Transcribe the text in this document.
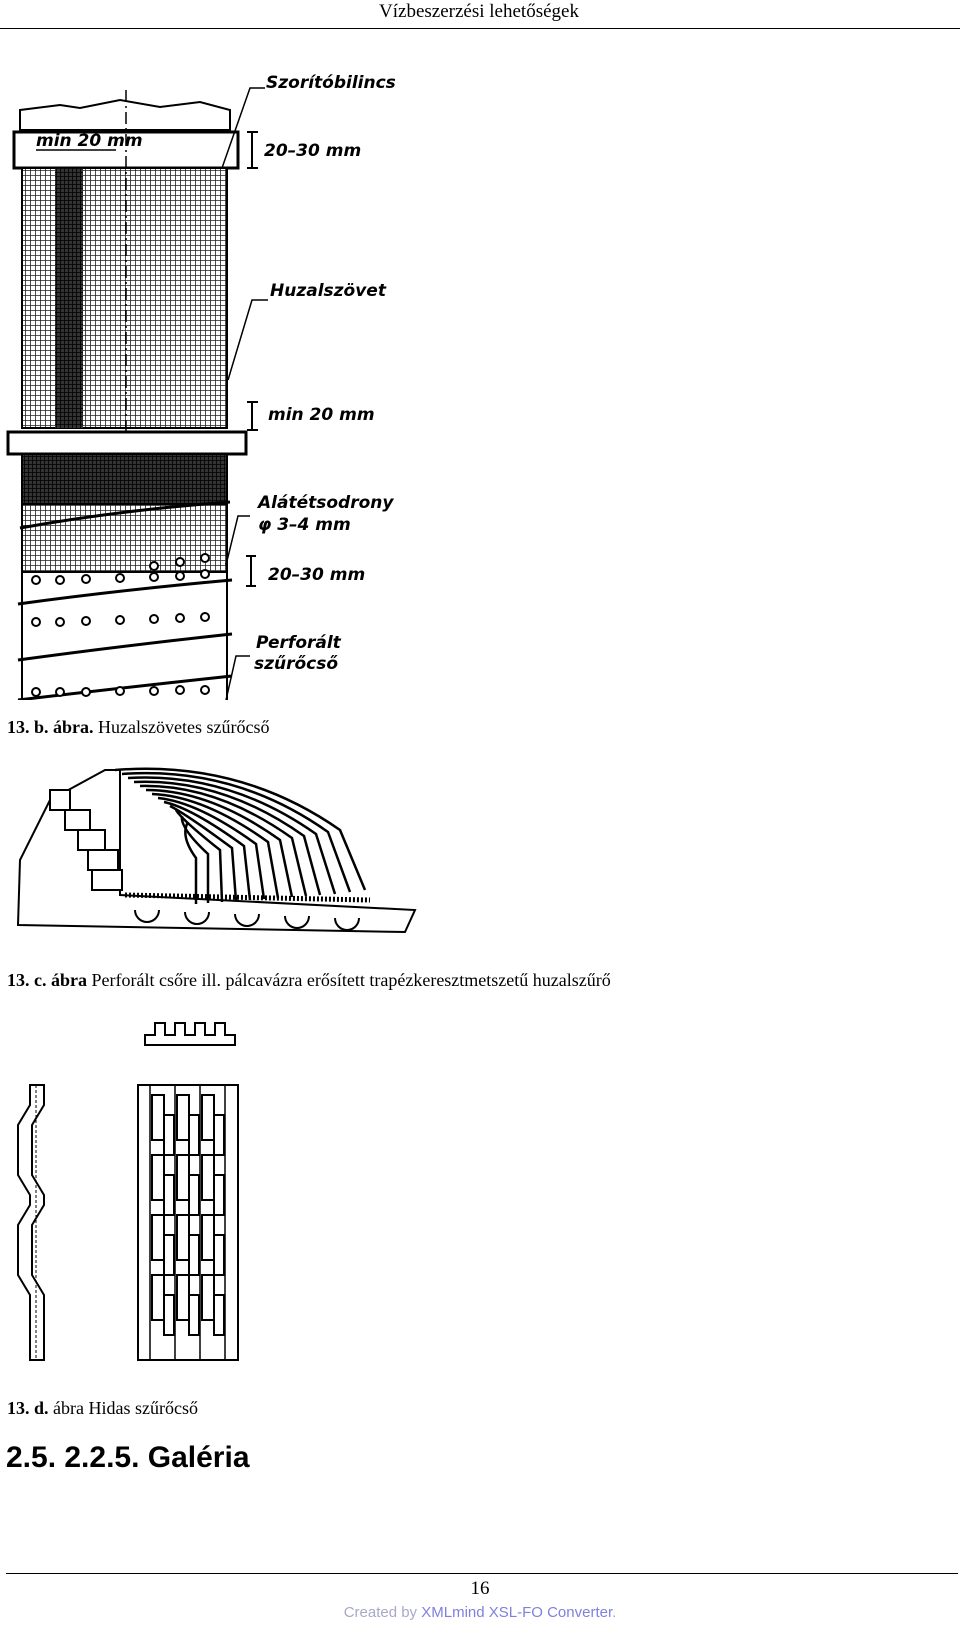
Vízbeszerzési lehetőségek
min 20 mm
Szorítóbilincs
20–30 mm
Huzalszövet
min 20 mm
Alátétsodrony
φ 3–4 mm
20–30 mm
Perforált
szűrőcső
13. b. ábra. Huzalszövetes szűrőcső
13. c. ábra Perforált csőre ill. pálcavázra erősített trapézkeresztmetszetű huzalszűrő
13. d. ábra Hidas szűrőcső
2.5. 2.2.5. Galéria
16
Created by XMLmind XSL-FO Converter.
